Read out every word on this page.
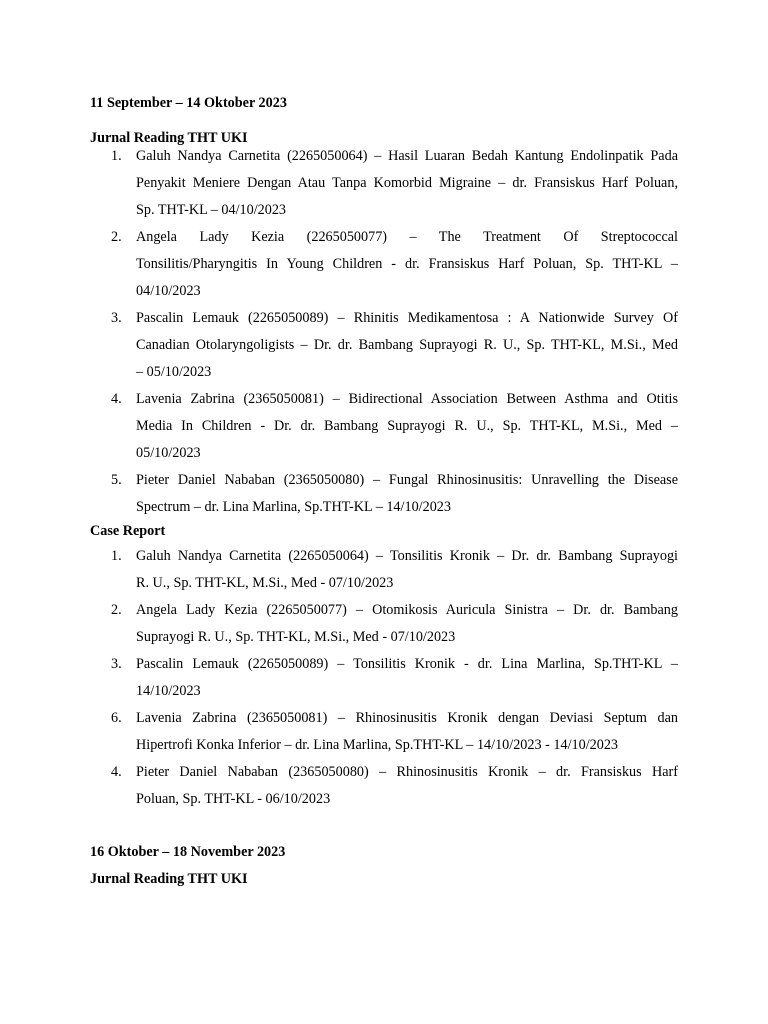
11 September – 14 Oktober 2023
Jurnal Reading THT UKI
1.	Galuh Nandya Carnetita (2265050064) – Hasil Luaran Bedah Kantung Endolinpatik Pada
Penyakit Meniere Dengan Atau Tanpa Komorbid Migraine – dr. Fransiskus Harf Poluan,
Sp. THT-KL – 04/10/2023
2.	Angela Lady Kezia (2265050077) – The Treatment Of Streptococcal
Tonsilitis/Pharyngitis In Young Children - dr. Fransiskus Harf Poluan, Sp. THT-KL –
04/10/2023
3.	Pascalin Lemauk (2265050089) – Rhinitis Medikamentosa : A Nationwide Survey Of
Canadian Otolaryngoligists – Dr. dr. Bambang Suprayogi R. U., Sp. THT-KL, M.Si., Med
– 05/10/2023
4.	Lavenia Zabrina (2365050081) – Bidirectional Association Between Asthma and Otitis
Media In Children - Dr. dr. Bambang Suprayogi R. U., Sp. THT-KL, M.Si., Med –
05/10/2023
5.	Pieter Daniel Nababan (2365050080) – Fungal Rhinosinusitis: Unravelling the Disease
Spectrum – dr. Lina Marlina, Sp.THT-KL – 14/10/2023
Case Report
1.	Galuh Nandya Carnetita (2265050064) – Tonsilitis Kronik – Dr. dr. Bambang Suprayogi
R. U., Sp. THT-KL, M.Si., Med - 07/10/2023
2.	Angela Lady Kezia (2265050077) – Otomikosis Auricula Sinistra – Dr. dr. Bambang
Suprayogi R. U., Sp. THT-KL, M.Si., Med - 07/10/2023
3.	Pascalin Lemauk (2265050089) – Tonsilitis Kronik - dr. Lina Marlina, Sp.THT-KL –
14/10/2023
6.	Lavenia Zabrina (2365050081) – Rhinosinusitis Kronik dengan Deviasi Septum dan
Hipertrofi Konka Inferior – dr. Lina Marlina, Sp.THT-KL – 14/10/2023 - 14/10/2023
4.	Pieter Daniel Nababan (2365050080) – Rhinosinusitis Kronik – dr. Fransiskus Harf
Poluan, Sp. THT-KL - 06/10/2023
16 Oktober – 18 November 2023
Jurnal Reading THT UKI
